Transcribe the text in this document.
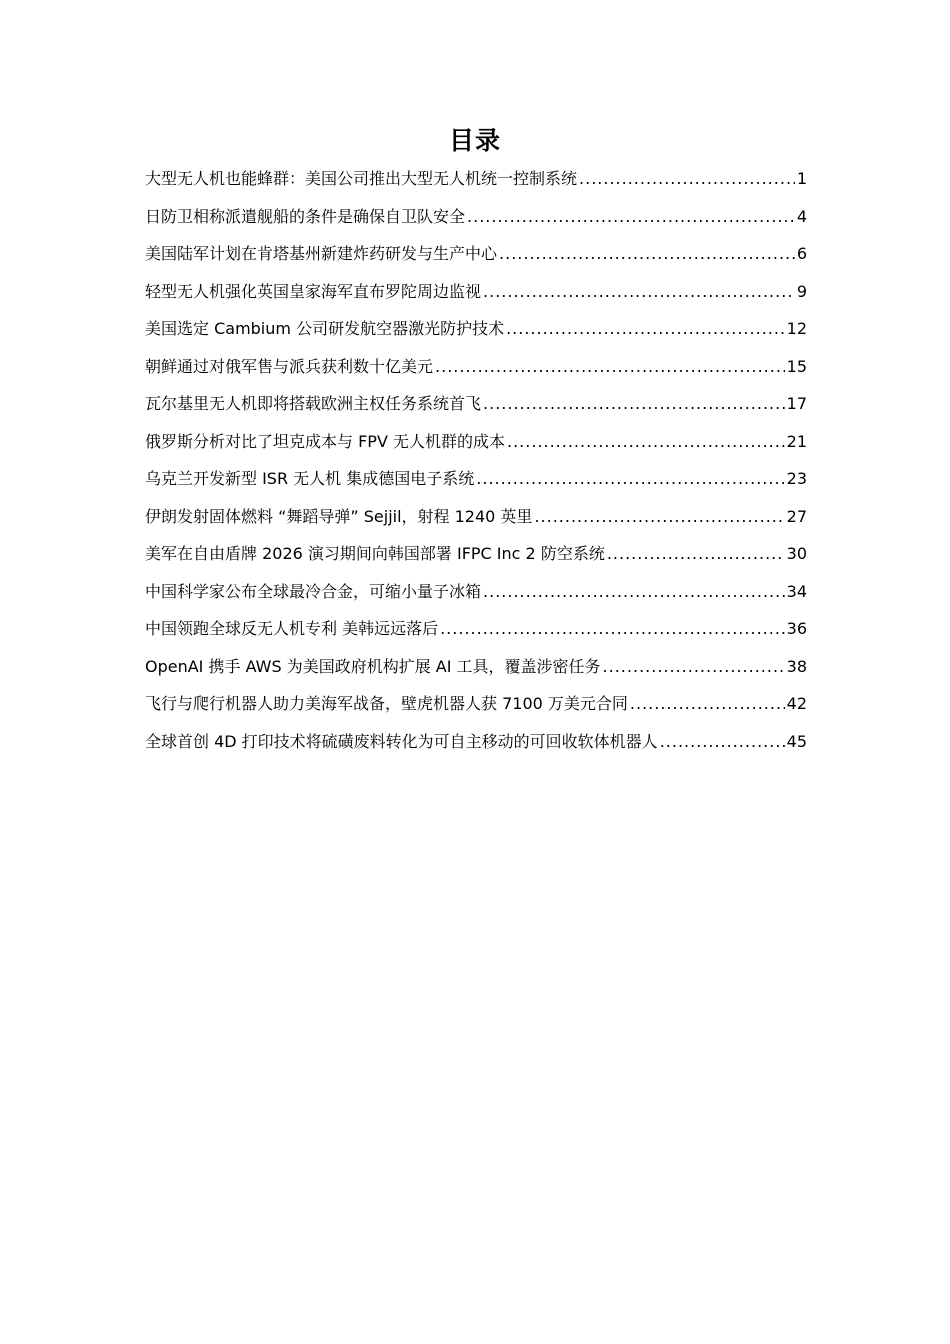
目录
大型无人机也能蜂群：美国公司推出大型无人机统一控制系统 .....	1
日防卫相称派遣舰船的条件是确保自卫队安全 .....	4
美国陆军计划在肯塔基州新建炸药研发与生产中心 .....	6
轻型无人机强化英国皇家海军直布罗陀周边监视 .....	9
美国选定 Cambium 公司研发航空器激光防护技术 .....	12
朝鲜通过对俄军售与派兵获利数十亿美元 .....	15
瓦尔基里无人机即将搭载欧洲主权任务系统首飞 .....	17
俄罗斯分析对比了坦克成本与 FPV 无人机群的成本 .....	21
乌克兰开发新型 ISR 无人机 集成德国电子系统 .....	23
伊朗发射固体燃料 “舞蹈导弹” Sejjil，射程 1240 英里 .....	27
美军在自由盾牌 2026 演习期间向韩国部署 IFPC Inc 2 防空系统 .....	30
中国科学家公布全球最冷合金，可缩小量子冰箱 .....	34
中国领跑全球反无人机专利 美韩远远落后 .....	36
OpenAI 携手 AWS 为美国政府机构扩展 AI 工具，覆盖涉密任务 .....	38
飞行与爬行机器人助力美海军战备，壁虎机器人获 7100 万美元合同 .....	42
全球首创 4D 打印技术将硫磺废料转化为可自主移动的可回收软体机器人 .....	45
